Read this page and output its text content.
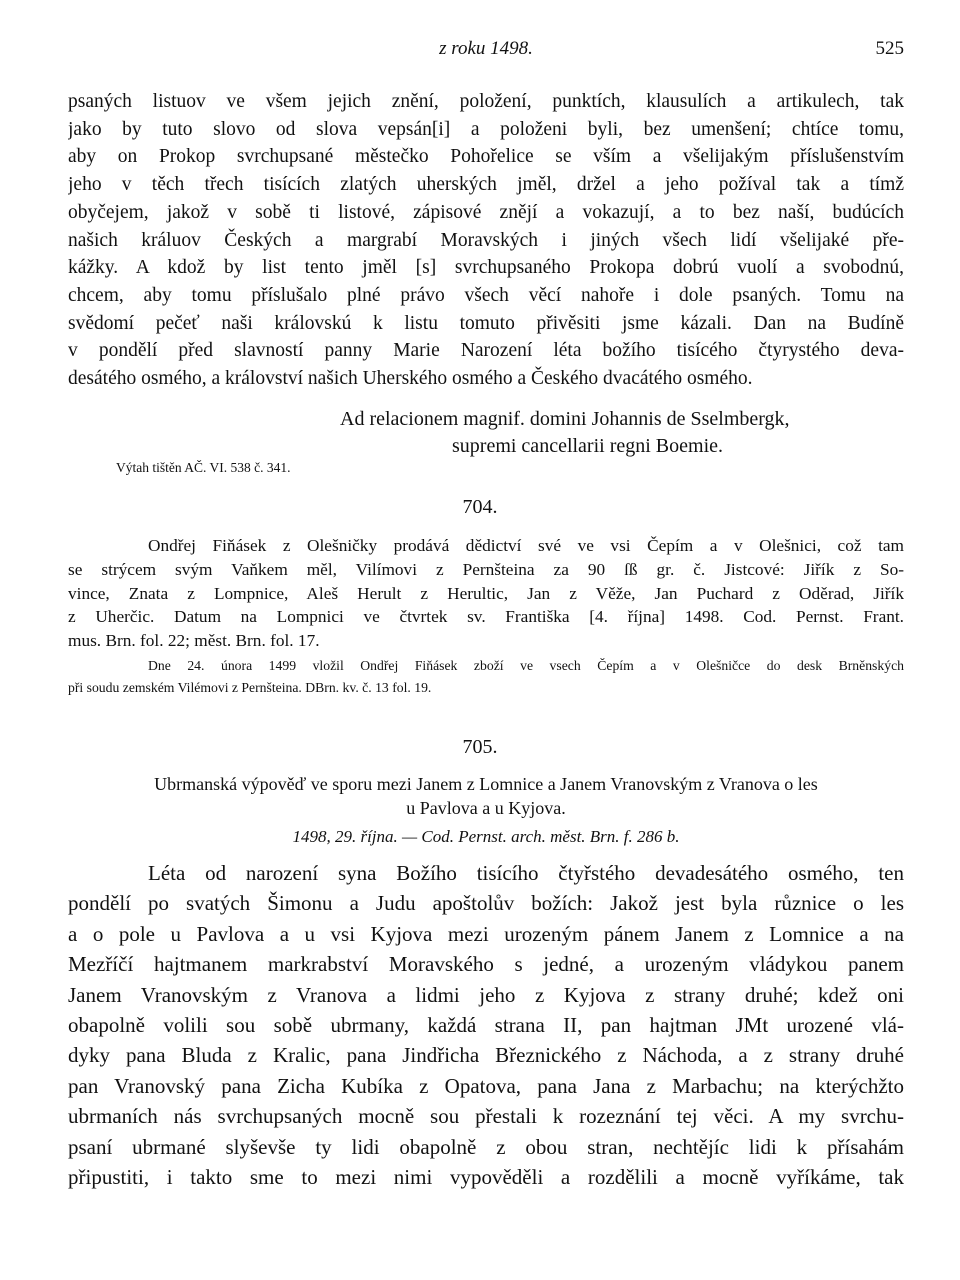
z roku 1498.	525
psaných listuov ve všem jejich znění, položení, punktích, klausulích a artikulech, tak
jako by tuto slovo od slova vepsán[i] a položeni byli, bez umenšení; chtíce tomu,
aby on Prokop svrchupsané městečko Pohořelice se vším a všelijakým příslušenstvím
jeho v těch třech tisících zlatých uherských jměl, držel a jeho požíval tak a tímž
obyčejem, jakož v sobě ti listové, zápisové znějí a vokazují, a to bez naší, budúcích
našich králuov Českých a margrabí Moravských i jiných všech lidí všelijaké pře-
kážky. A kdož by list tento jměl [s] svrchupsaného Prokopa dobrú vuolí a svobodnú,
chcem, aby tomu příslušalo plné právo všech věcí nahoře i dole psaných. Tomu na
svědomí pečeť naši královskú k listu tomuto přivěsiti jsme kázali. Dan na Budíně
v pondělí před slavností panny Marie Narození léta božího tisícého čtyrystého deva-
desátého osmého, a království našich Uherského osmého a Českého dvacátého osmého.
Ad relacionem magnif. domini Johannis de Sselmbergk,
supremi cancellarii regni Boemie.
Výtah tištěn AČ. VI. 538 č. 341.
704.
Ondřej Fiňásek z Olešničky prodává dědictví své ve vsi Čepím a v Olešnici, což tam
se strýcem svým Vaňkem měl, Vilímovi z Pernšteina za 90 ſß gr. č. Jistcové: Jiřík z So-
vince, Znata z Lompnice, Aleš Herult z Herultic, Jan z Věže, Jan Puchard z Oděrad, Jiřík
z Uherčic. Datum na Lompnici ve čtvrtek sv. Františka [4. října] 1498. Cod. Pernst. Frant.
mus. Brn. fol. 22; měst. Brn. fol. 17.
Dne 24. února 1499 vložil Ondřej Fiňásek zboží ve vsech Čepím a v Olešničce do desk Brněnských
při soudu zemském Vilémovi z Pernšteina. DBrn. kv. č. 13 fol. 19.
705.
Ubrmanská výpověď ve sporu mezi Janem z Lomnice a Janem Vranovským z Vranova o les
u Pavlova a u Kyjova.
1498, 29. října. — Cod. Pernst. arch. měst. Brn. f. 286 b.
Léta od narození syna Božího tisícího čtyřstého devadesátého osmého, ten
pondělí po svatých Šimonu a Judu apoštolův božích: Jakož jest byla různice o les
a o pole u Pavlova a u vsi Kyjova mezi urozeným pánem Janem z Lomnice a na
Mezříčí hajtmanem markrabství Moravského s jedné, a urozeným vládykou panem
Janem Vranovským z Vranova a lidmi jeho z Kyjova z strany druhé; kdež oni
obapolně volili sou sobě ubrmany, každá strana II, pan hajtman JMt urozené vlá-
dyky pana Bluda z Kralic, pana Jindřicha Březnického z Náchoda, a z strany druhé
pan Vranovský pana Zicha Kubíka z Opatova, pana Jana z Marbachu; na kterýchžto
ubrmaních nás svrchupsaných mocně sou přestali k rozeznání tej věci. A my svrchu-
psaní ubrmané slyševše ty lidi obapolně z obou stran, nechtějíc lidi k přísahám
připustiti, i takto sme to mezi nimi vypověděli a rozdělili a mocně vyříkáme, tak
